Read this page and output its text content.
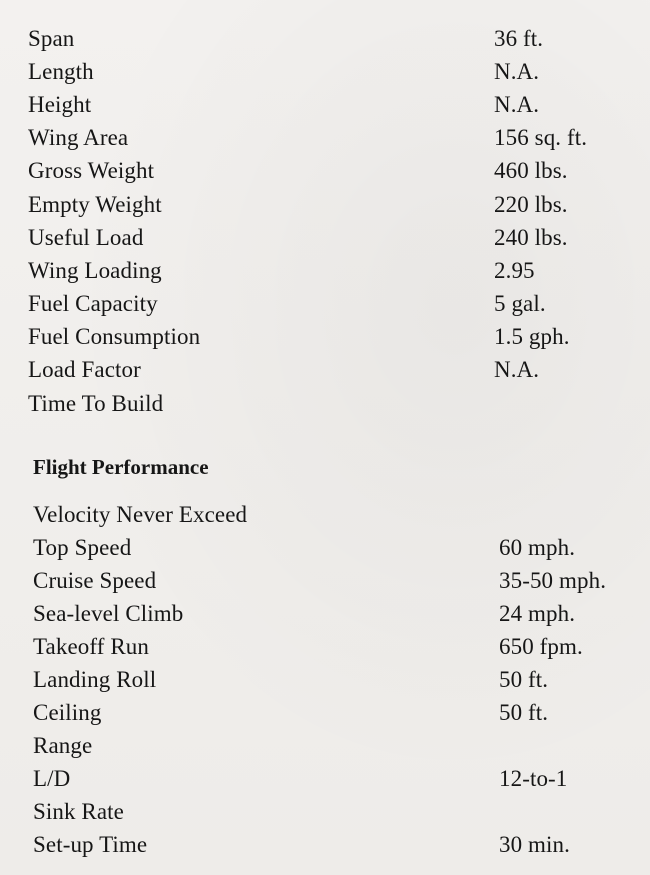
Span	36 ft.
Length	N.A.
Height	N.A.
Wing Area	156 sq. ft.
Gross Weight	460 lbs.
Empty Weight	220 lbs.
Useful Load	240 lbs.
Wing Loading	2.95
Fuel Capacity	5 gal.
Fuel Consumption	1.5 gph.
Load Factor	N.A.
Time To Build
Flight Performance
Velocity Never Exceed
Top Speed	60 mph.
Cruise Speed	35-50 mph.
Sea-level Climb	24 mph.
Takeoff Run	650 fpm.
Landing Roll	50 ft.
Ceiling	50 ft.
Range
L/D	12-to-1
Sink Rate
Set-up Time	30 min.
